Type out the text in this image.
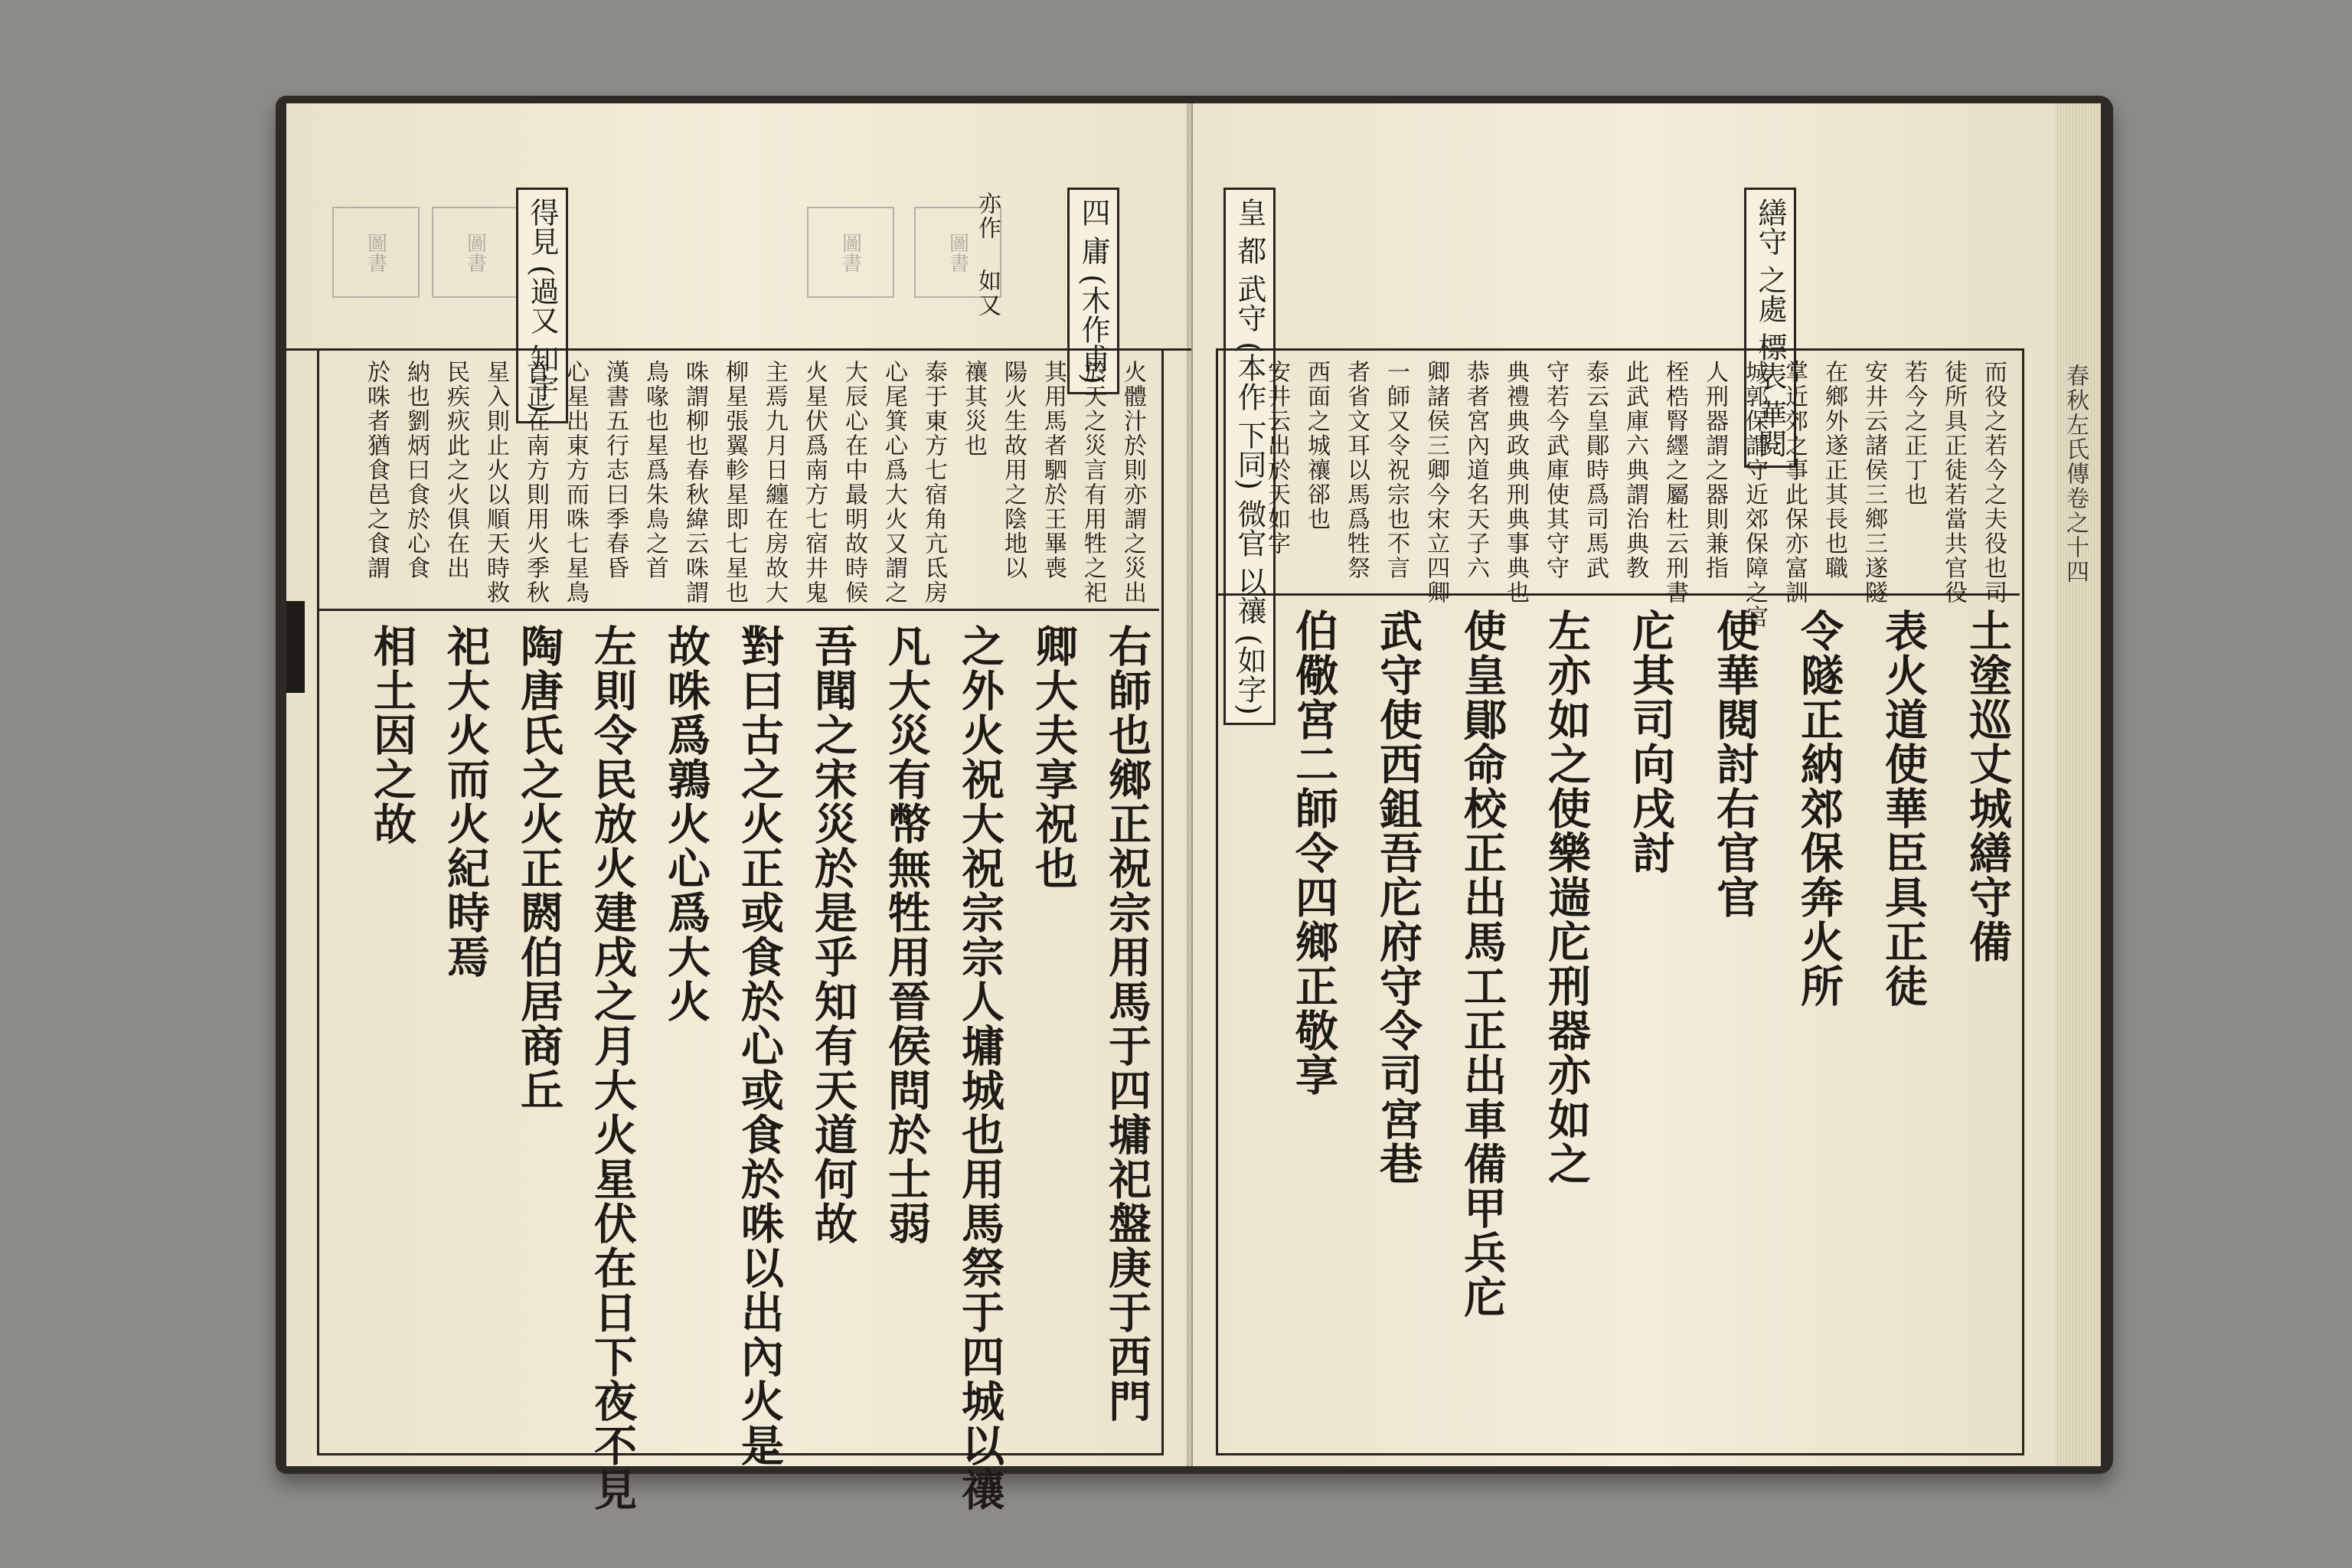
圖書	圖書	圖書	圖書
得見 (過又 知宇)	四 庸 (木作甫)
亦作 如又
火體汁於則亦謂之災出
於天之災言有用牲之祀
其用馬者駟於王畢喪
陽火生故用之陰地以
禳其災也
泰于東方七宿角亢氐房
心尾箕心爲大火又謂之
大辰心在中最明故時候
火星伏爲南方七宿井鬼
主焉九月日纏在房故大
柳星張翼軫星即七星也
咮謂柳也春秋緯云咮謂
鳥喙也星爲朱鳥之首
漢書五行志曰季春昏
心星出東方而咮七星鳥
首正在南方則用火季秋
星入則止火以順天時救
民疾疢此之火俱在出
納也劉炳曰食於心食
於咮者猶食邑之食謂
右師也鄉正祝宗用馬于四墉祀盤庚于西門
卿大夫享祝也
之外火祝大祝宗宗人墉城也用馬祭于四城以禳
凡大災有幣無牲用晉侯問於士弱
吾聞之宋災於是乎知有天道何故
對曰古之火正或食於心或食於咮以出內火是
故咮爲鶉火心爲大火
左則令民放火建戌之月大火星伏在日下夜不見
陶唐氏之火正閼伯居商丘
祀大火而火紀時焉
相土因之故
皇 都 武守 (本作 下同) 微官 以禳 (如字)	繕守 之處 標表 華閱
春秋左氏傳卷之十四
而役之若今之夫役也司
徒所具正徒若當共官役
若今之正丁也
安井云諸侯三鄉三遂隧
在鄉外遂正其長也職
掌近郊之事此保亦富訓
城郭保謂守近郊保障之官
人刑器謂之器則兼指
桎梏腎纆之屬杜云刑書
此武庫六典謂治典教
泰云皇鄖時爲司馬武
守若今武庫使其守守
典禮典政典刑典事典也
恭者宮內道名天子六
卿諸侯三卿今宋立四卿
一師又令祝宗也不言
者省文耳以馬爲牲祭
西面之城禳郤也
安井云出於天如字
土塗巡丈城繕守備
表火道使華臣具正徒
令隧正納郊保奔火所
使華閱討右官官
庀其司向戌討
左亦如之使樂遄庀刑器亦如之
使皇鄖命校正出馬工正出車備甲兵庀
武守使西鉏吾庀府守令司宮巷
伯儆宮二師令四鄉正敬享
